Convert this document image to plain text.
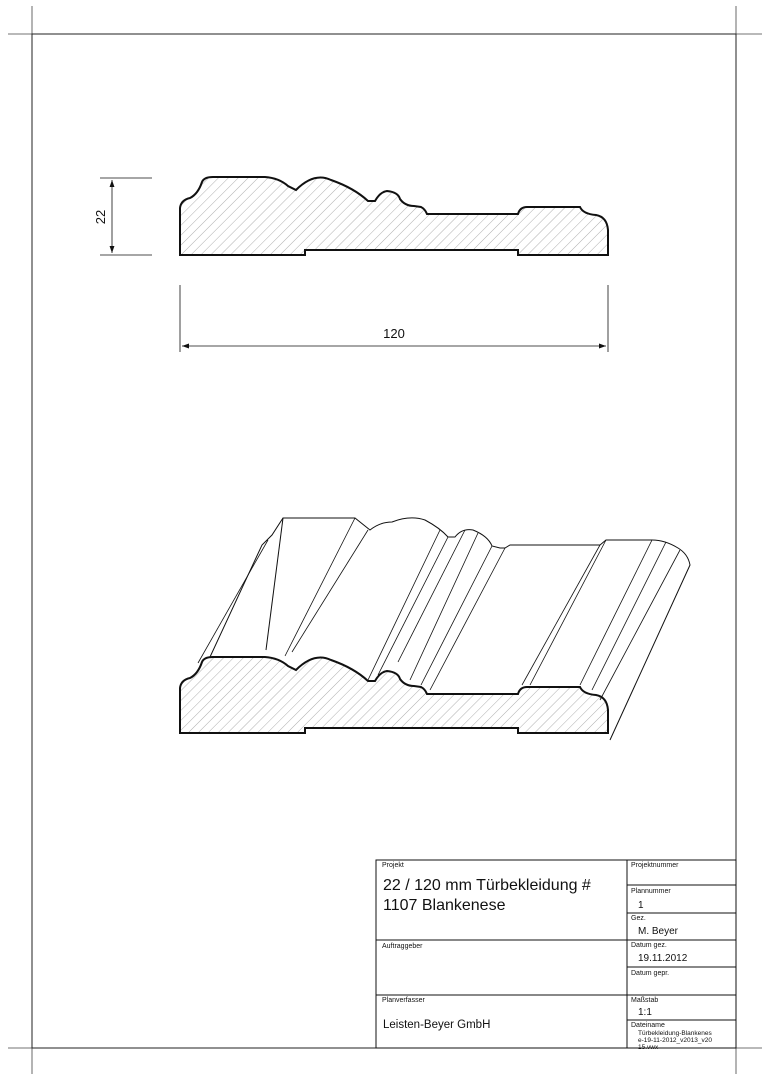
22
120
Projekt
22 / 120 mm Türbekleidung #
1107 Blankenese
Projektnummer
Plannummer
1
Gez.
M. Beyer
Auftraggeber	Datum gez.
19.11.2012
Datum gepr.
Planverfasser
Leisten-Beyer GmbH
Maßstab
1:1
Dateiname
Türbekleidung-Blankenes
e-19-11-2012_v2013_v20
15.vwx
